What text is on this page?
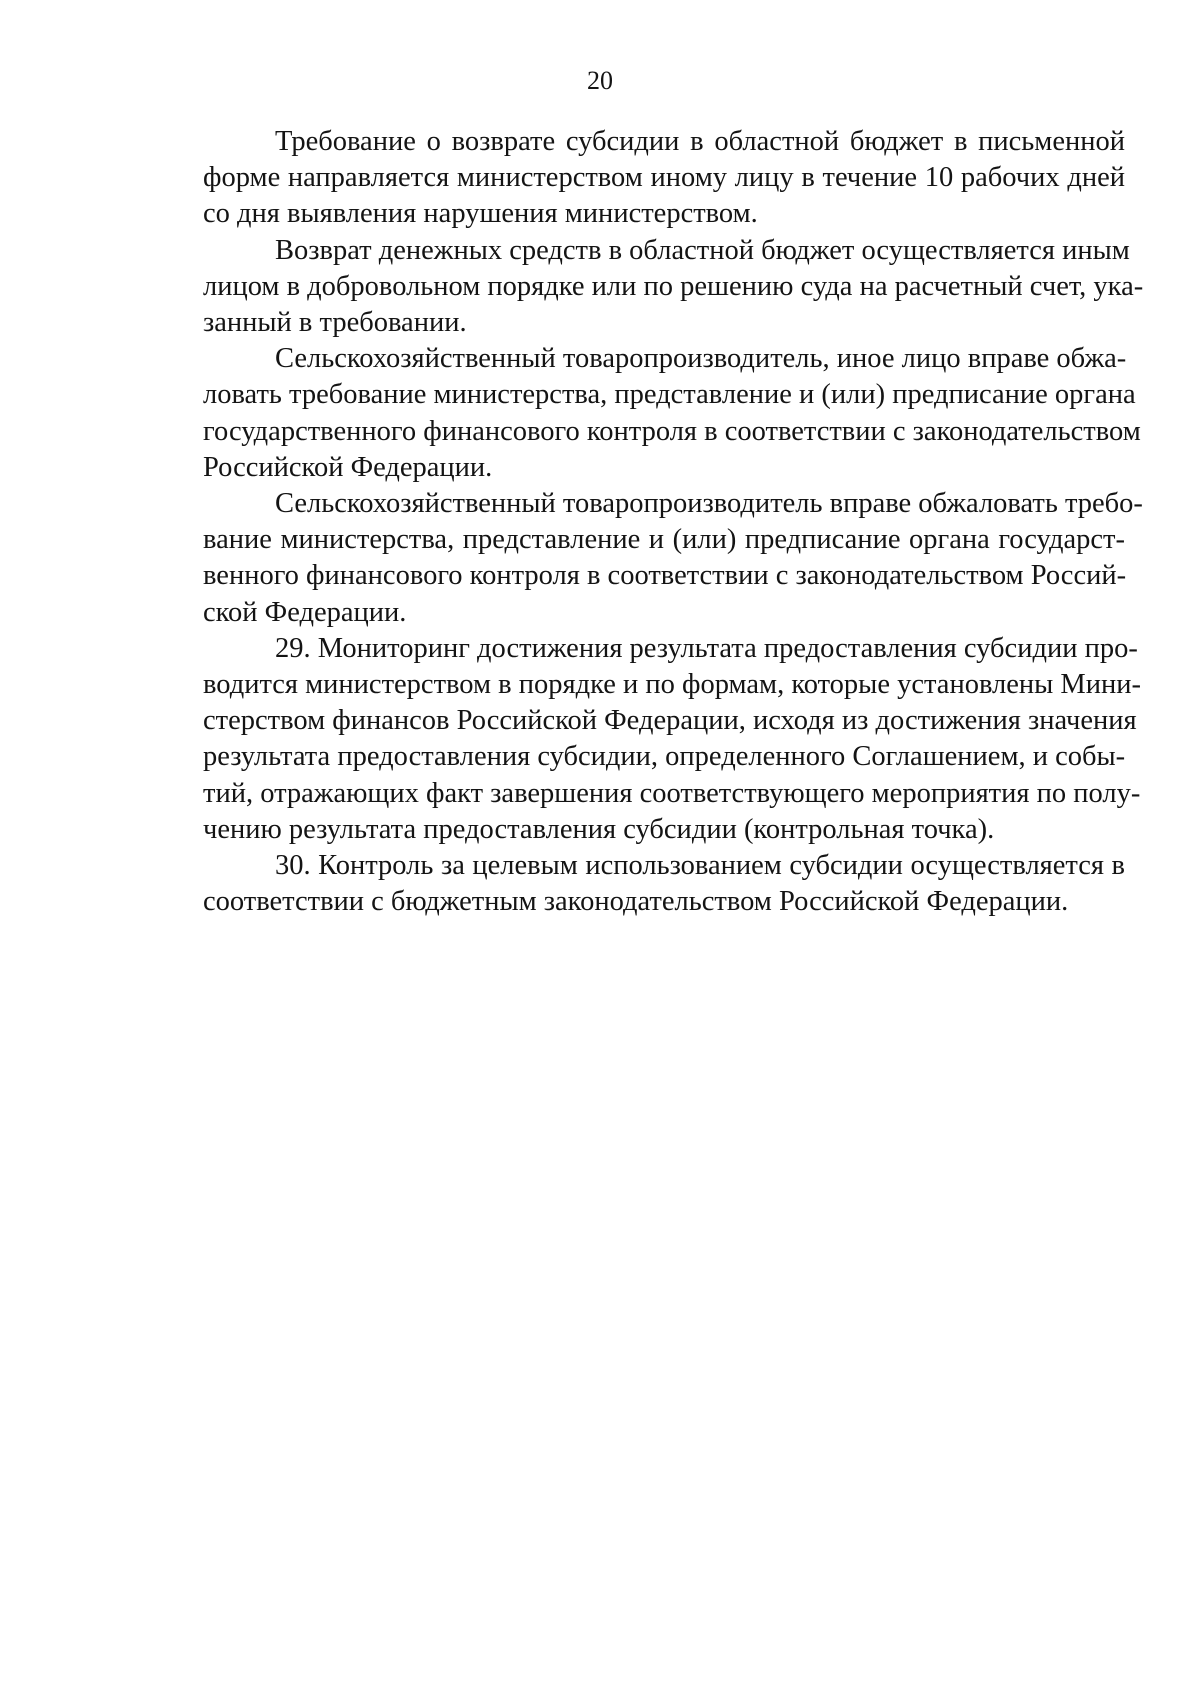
20

Требование о возврате субсидии в областной бюджет в письменной
форме направляется министерством иному лицу в течение 10 рабочих дней
со дня выявления нарушения министерством.

Возврат денежных средств в областной бюджет осуществляется иным
лицом в добровольном порядке или по решению суда на расчетный счет, ука-
занный в требовании.

Сельскохозяйственный товаропроизводитель, иное лицо вправе обжа-
ловать требование министерства, представление и (или) предписание органа
государственного финансового контроля в соответствии с законодательством
Российской Федерации.

Сельскохозяйственный товаропроизводитель вправе обжаловать требо-
вание министерства, представление и (или) предписание органа государст-
венного финансового контроля в соответствии с законодательством Россий-
ской Федерации.

29. Мониторинг достижения результата предоставления субсидии про-
водится министерством в порядке и по формам, которые установлены Мини-
стерством финансов Российской Федерации, исходя из достижения значения
результата предоставления субсидии, определенного Соглашением, и собы-
тий, отражающих факт завершения соответствующего мероприятия по полу-
чению результата предоставления субсидии (контрольная точка).

30. Контроль за целевым использованием субсидии осуществляется в
соответствии с бюджетным законодательством Российской Федерации.
